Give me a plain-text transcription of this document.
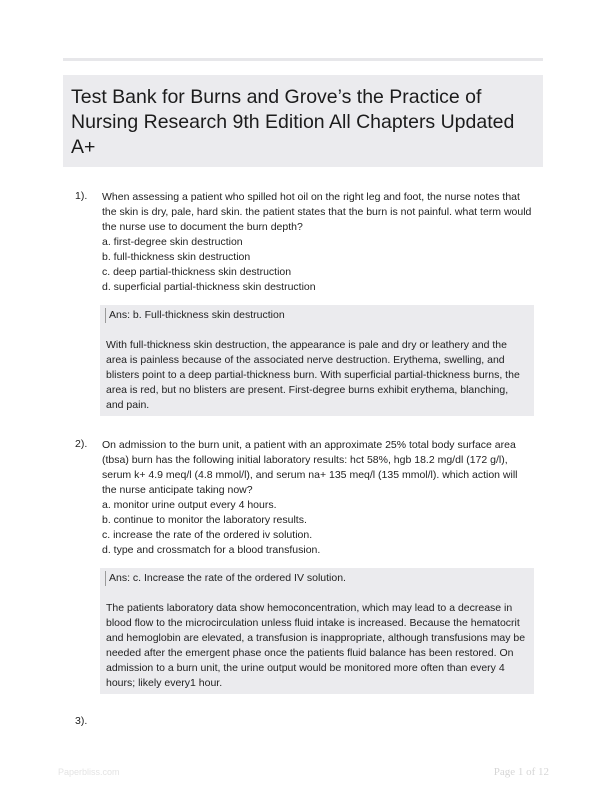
Test Bank for Burns and Grove’s the Practice of Nursing Research 9th Edition All Chapters Updated A+
1). When assessing a patient who spilled hot oil on the right leg and foot, the nurse notes that the skin is dry, pale, hard skin. the patient states that the burn is not painful. what term would the nurse use to document the burn depth?

a. first-degree skin destruction

b. full-thickness skin destruction

c. deep partial-thickness skin destruction

d. superficial partial-thickness skin destruction

Ans: b. Full-thickness skin destruction

With full-thickness skin destruction, the appearance is pale and dry or leathery and the area is painless because of the associated nerve destruction. Erythema, swelling, and blisters point to a deep partial-thickness burn. With superficial partial-thickness burns, the area is red, but no blisters are present. First-degree burns exhibit erythema, blanching, and pain.

2). On admission to the burn unit, a patient with an approximate 25% total body surface area (tbsa) burn has the following initial laboratory results: hct 58%, hgb 18.2 mg/dl (172 g/l), serum k+ 4.9 meq/l (4.8 mmol/l), and serum na+ 135 meq/l (135 mmol/l). which action will the nurse anticipate taking now?

a. monitor urine output every 4 hours.

b. continue to monitor the laboratory results.

c. increase the rate of the ordered iv solution.

d. type and crossmatch for a blood transfusion.

Ans: c. Increase the rate of the ordered IV solution.

The patients laboratory data show hemoconcentration, which may lead to a decrease in blood flow to the microcirculation unless fluid intake is increased. Because the hematocrit and hemoglobin are elevated, a transfusion is inappropriate, although transfusions may be needed after the emergent phase once the patients fluid balance has been restored. On admission to a burn unit, the urine output would be monitored more often than every 4 hours; likely every1 hour.

3).
Paperbliss.com	Page 1 of 12
